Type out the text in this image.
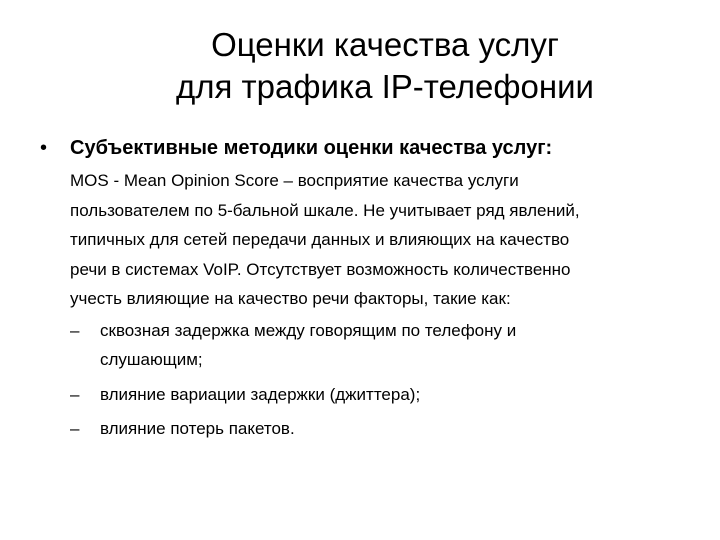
Оценки качества услуг
для трафика IP-телефонии
• Субъективные методики оценки качества услуг:
MOS - Mean Opinion Score – восприятие качества услуги
пользователем по 5-бальной шкале. Не учитывает ряд явлений,
типичных для сетей передачи данных и влияющих на качество
речи в системах VoIP. Отсутствует возможность количественно
учесть влияющие на качество речи факторы, такие как:
– сквозная задержка между говорящим по телефону и
слушающим;
– влияние вариации задержки (джиттера);
– влияние потерь пакетов.
